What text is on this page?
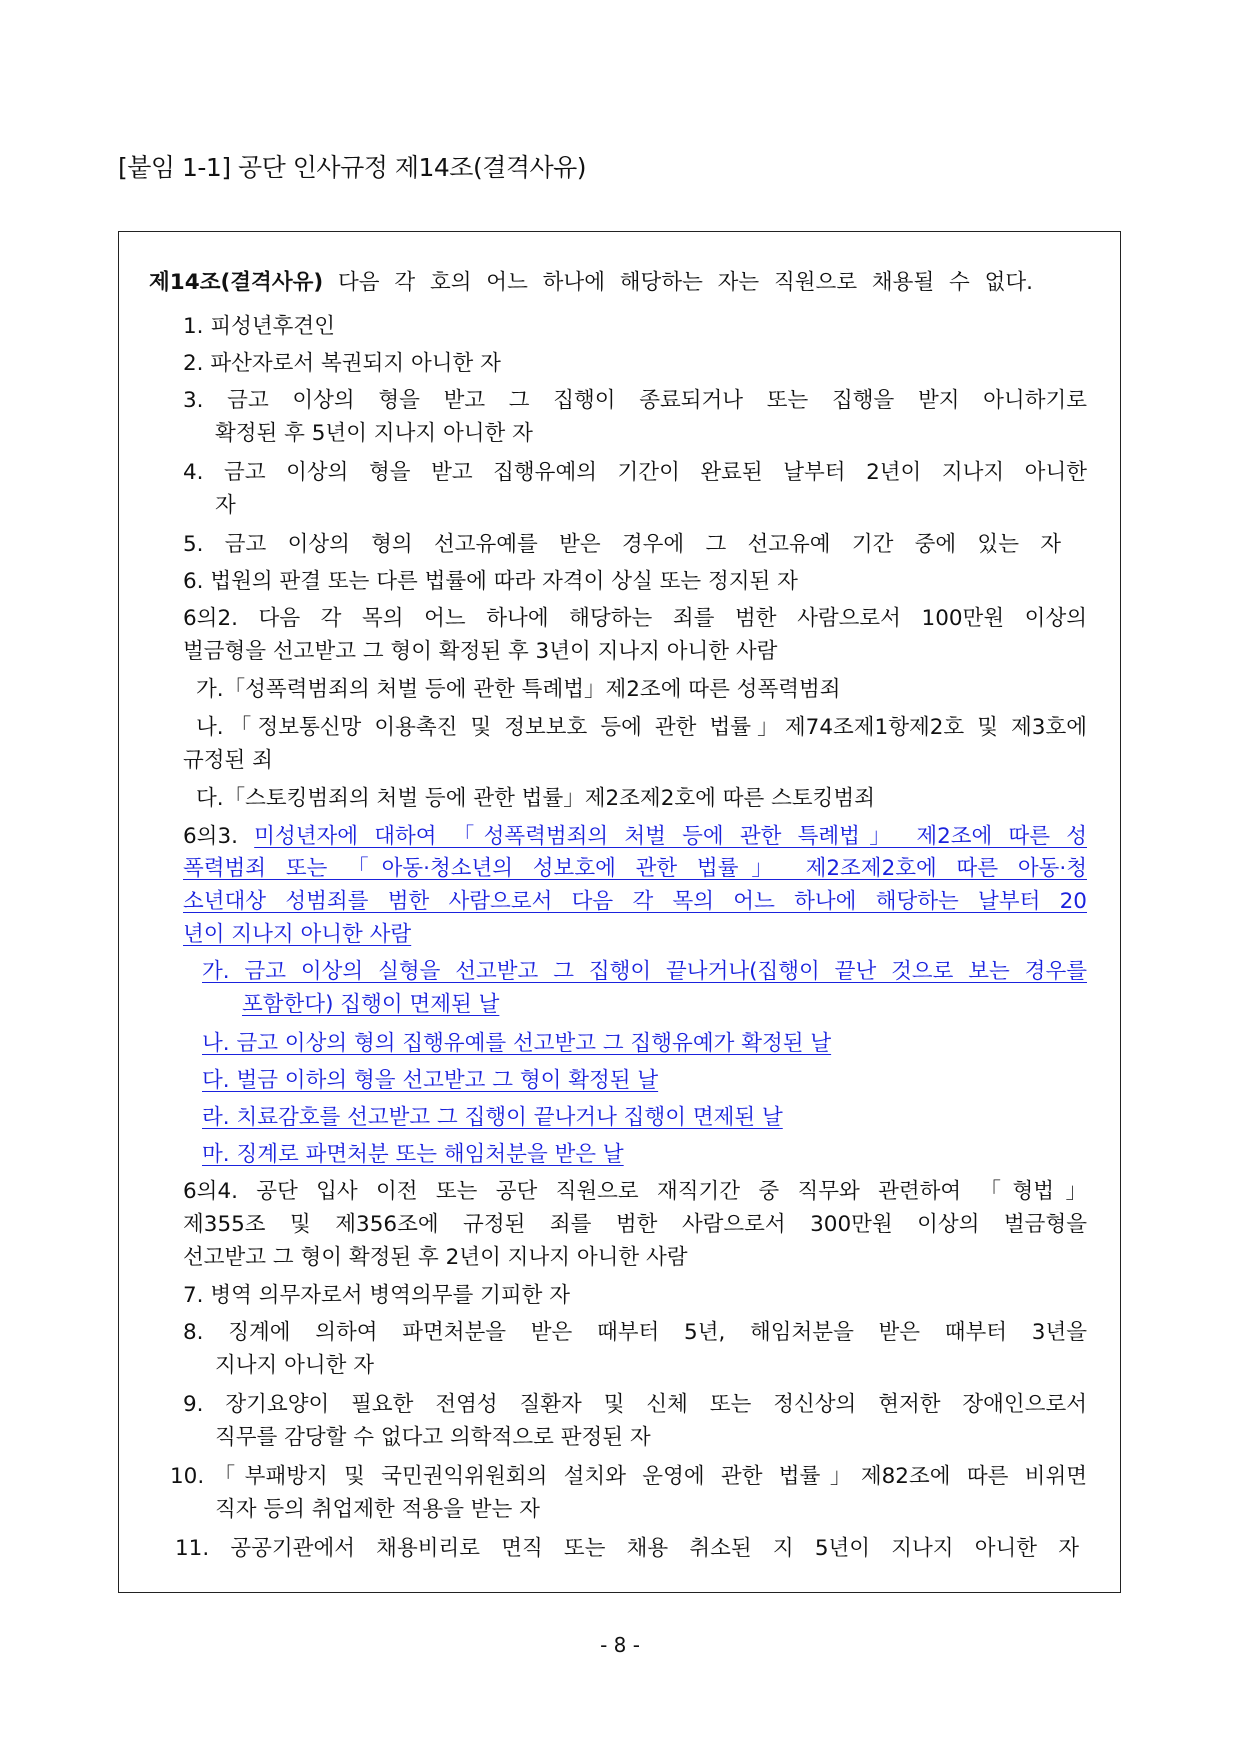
[붙임 1-1] 공단 인사규정 제14조(결격사유)
제14조(결격사유) 다음 각 호의 어느 하나에 해당하는 자는 직원으로 채용될 수 없다.
1. 피성년후견인
2. 파산자로서 복권되지 아니한 자
3. 금고 이상의 형을 받고 그 집행이 종료되거나 또는 집행을 받지 아니하기로
확정된 후 5년이 지나지 아니한 자
4. 금고 이상의 형을 받고 집행유예의 기간이 완료된 날부터 2년이 지나지 아니한
자
5. 금고 이상의 형의 선고유예를 받은 경우에 그 선고유예 기간 중에 있는 자
6. 법원의 판결 또는 다른 법률에 따라 자격이 상실 또는 정지된 자
6의2. 다음 각 목의 어느 하나에 해당하는 죄를 범한 사람으로서 100만원 이상의
벌금형을 선고받고 그 형이 확정된 후 3년이 지나지 아니한 사람
가.「성폭력범죄의 처벌 등에 관한 특례법」제2조에 따른 성폭력범죄
나.「정보통신망 이용촉진 및 정보보호 등에 관한 법률」제74조제1항제2호 및 제3호에
규정된 죄
다.「스토킹범죄의 처벌 등에 관한 법률」제2조제2호에 따른 스토킹범죄
6의3. 미성년자에 대하여 「성폭력범죄의 처벌 등에 관한 특례법」 제2조에 따른 성
폭력범죄 또는 「아동·청소년의 성보호에 관한 법률」 제2조제2호에 따른 아동·청
소년대상 성범죄를 범한 사람으로서 다음 각 목의 어느 하나에 해당하는 날부터 20
년이 지나지 아니한 사람
가. 금고 이상의 실형을 선고받고 그 집행이 끝나거나(집행이 끝난 것으로 보는 경우를
포함한다) 집행이 면제된 날
나. 금고 이상의 형의 집행유예를 선고받고 그 집행유예가 확정된 날
다. 벌금 이하의 형을 선고받고 그 형이 확정된 날
라. 치료감호를 선고받고 그 집행이 끝나거나 집행이 면제된 날
마. 징계로 파면처분 또는 해임처분을 받은 날
6의4. 공단 입사 이전 또는 공단 직원으로 재직기간 중 직무와 관련하여 「형법」
제355조 및 제356조에 규정된 죄를 범한 사람으로서 300만원 이상의 벌금형을
선고받고 그 형이 확정된 후 2년이 지나지 아니한 사람
7. 병역 의무자로서 병역의무를 기피한 자
8. 징계에 의하여 파면처분을 받은 때부터 5년, 해임처분을 받은 때부터 3년을
지나지 아니한 자
9. 장기요양이 필요한 전염성 질환자 및 신체 또는 정신상의 현저한 장애인으로서
직무를 감당할 수 없다고 의학적으로 판정된 자
10.「부패방지 및 국민권익위원회의 설치와 운영에 관한 법률」제82조에 따른 비위면
직자 등의 취업제한 적용을 받는 자
11. 공공기관에서 채용비리로 면직 또는 채용 취소된 지 5년이 지나지 아니한 자
- 8 -
